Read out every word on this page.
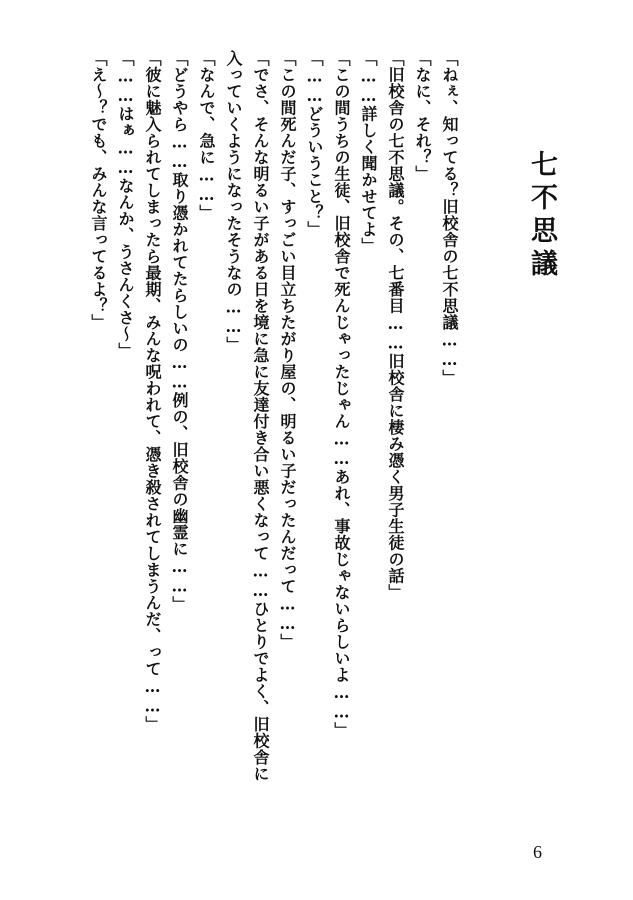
七不思議
「ねぇ、知ってる？旧校舎の七不思議……」
「なに、それ？」
「旧校舎の七不思議。その、七番目……旧校舎に棲み憑く男子生徒の話」
「……詳しく聞かせてよ」
「この間うちの生徒、旧校舎で死んじゃったじゃん……あれ、事故じゃないらしいよ……」
「……どういうこと？」
「この間死んだ子、すっごい目立ちたがり屋の、明るい子だったんだって……」
「でさ、そんな明るい子がある日を境に急に友達付き合い悪くなって……ひとりでよく、旧校舎に
入っていくようになったそうなの……」
「なんで、急に……」
「どうやら……取り憑かれてたらしいの……例の、旧校舎の幽霊に……」
「彼に魅入られてしまったら最期、みんな呪われて、憑き殺されてしまうんだ、って……」
「……はぁ……なんか、うさんくさ〜」
「え〜？でも、みんな言ってるよ？」
6
